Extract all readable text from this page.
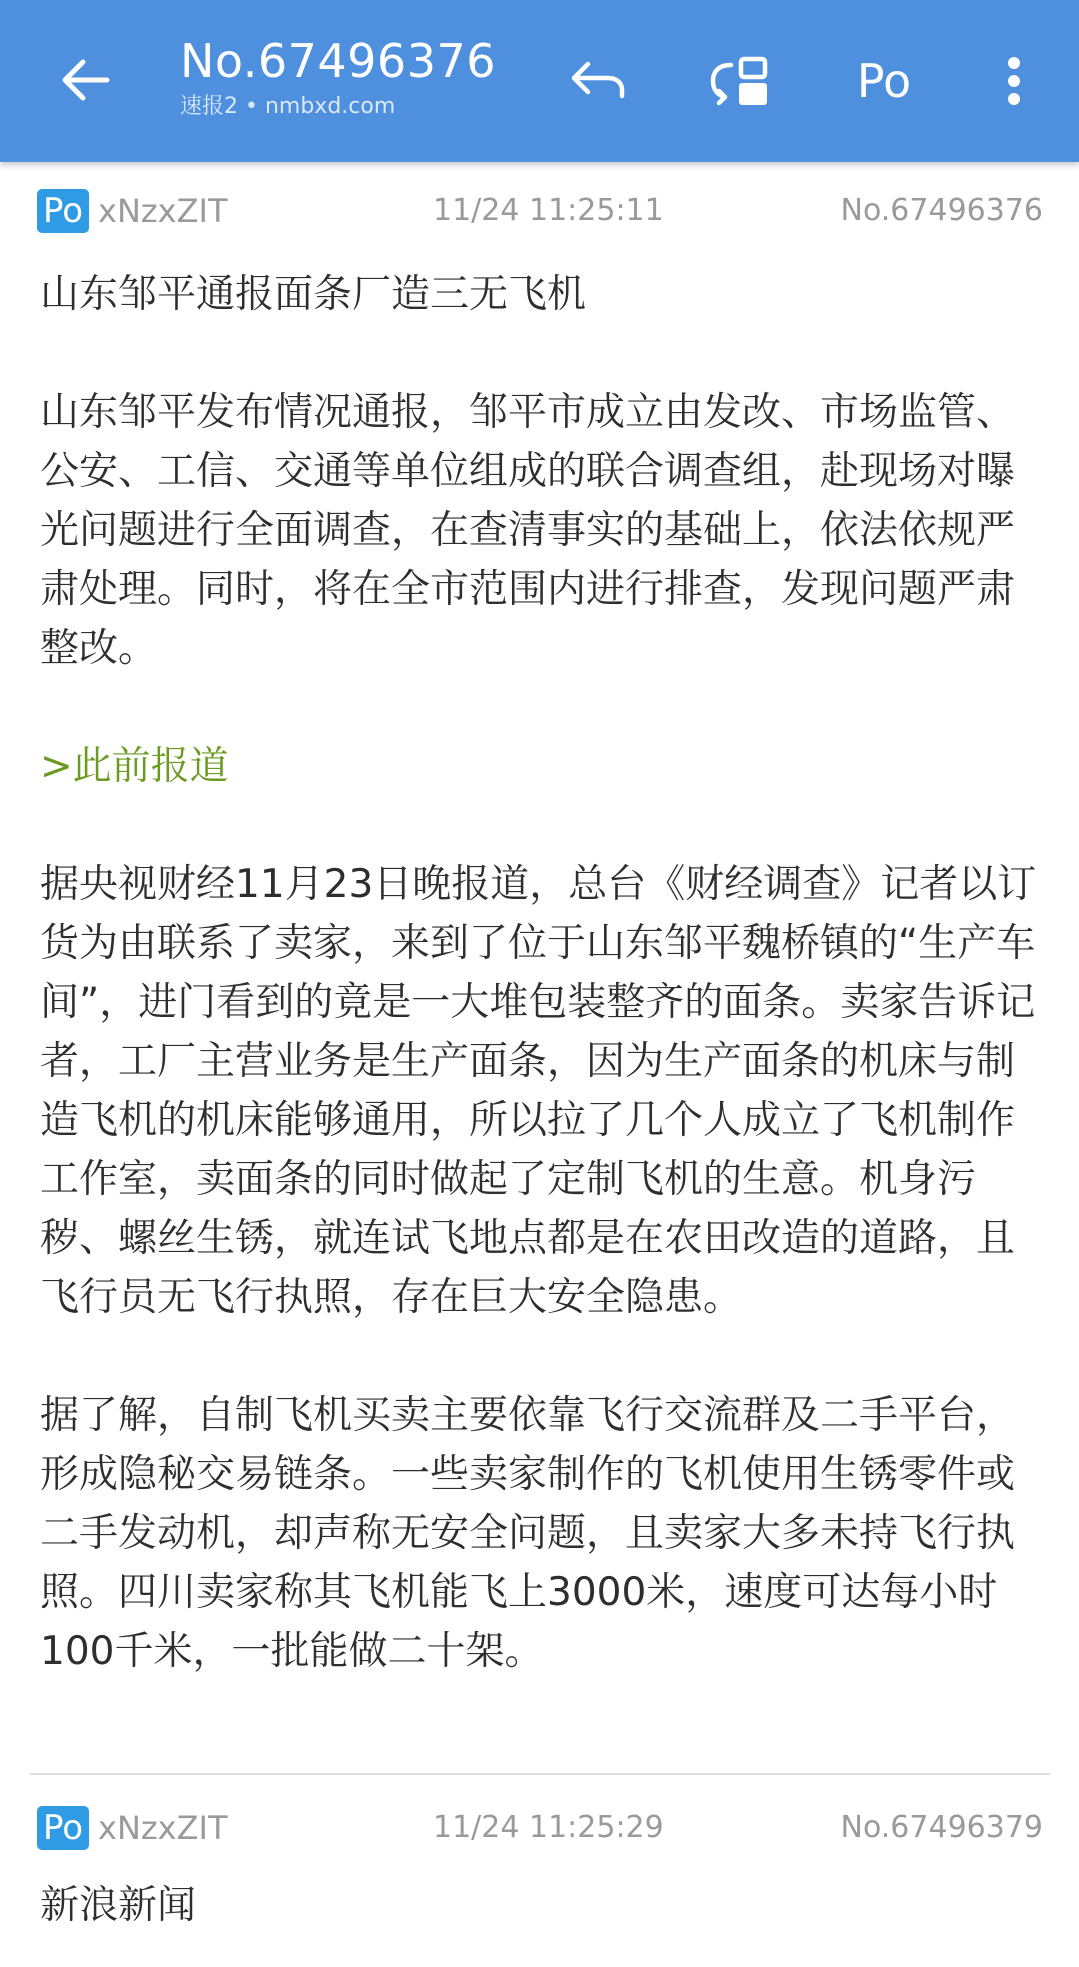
No.67496376
速报2 • nmbxd.com	Po
Po xNzxZIT	11/24 11:25:11	No.67496376

山东邹平通报面条厂造三无飞机

山东邹平发布情况通报，邹平市成立由发改、市场监管、公安、工信、交通等单位组成的联合调查组，赴现场对曝光问题进行全面调查，在查清事实的基础上，依法依规严肃处理。同时，将在全市范围内进行排查，发现问题严肃整改。

>此前报道

据央视财经11月23日晚报道，总台《财经调查》记者以订货为由联系了卖家，来到了位于山东邹平魏桥镇的“生产车间”，进门看到的竟是一大堆包装整齐的面条。卖家告诉记者，工厂主营业务是生产面条，因为生产面条的机床与制造飞机的机床能够通用，所以拉了几个人成立了飞机制作工作室，卖面条的同时做起了定制飞机的生意。机身污秽、螺丝生锈，就连试飞地点都是在农田改造的道路，且飞行员无飞行执照，存在巨大安全隐患。

据了解，自制飞机买卖主要依靠飞行交流群及二手平台，形成隐秘交易链条。一些卖家制作的飞机使用生锈零件或二手发动机，却声称无安全问题，且卖家大多未持飞行执照。四川卖家称其飞机能飞上3000米，速度可达每小时100千米，一批能做二十架。

Po xNzxZIT	11/24 11:25:29	No.67496379

新浪新闻
